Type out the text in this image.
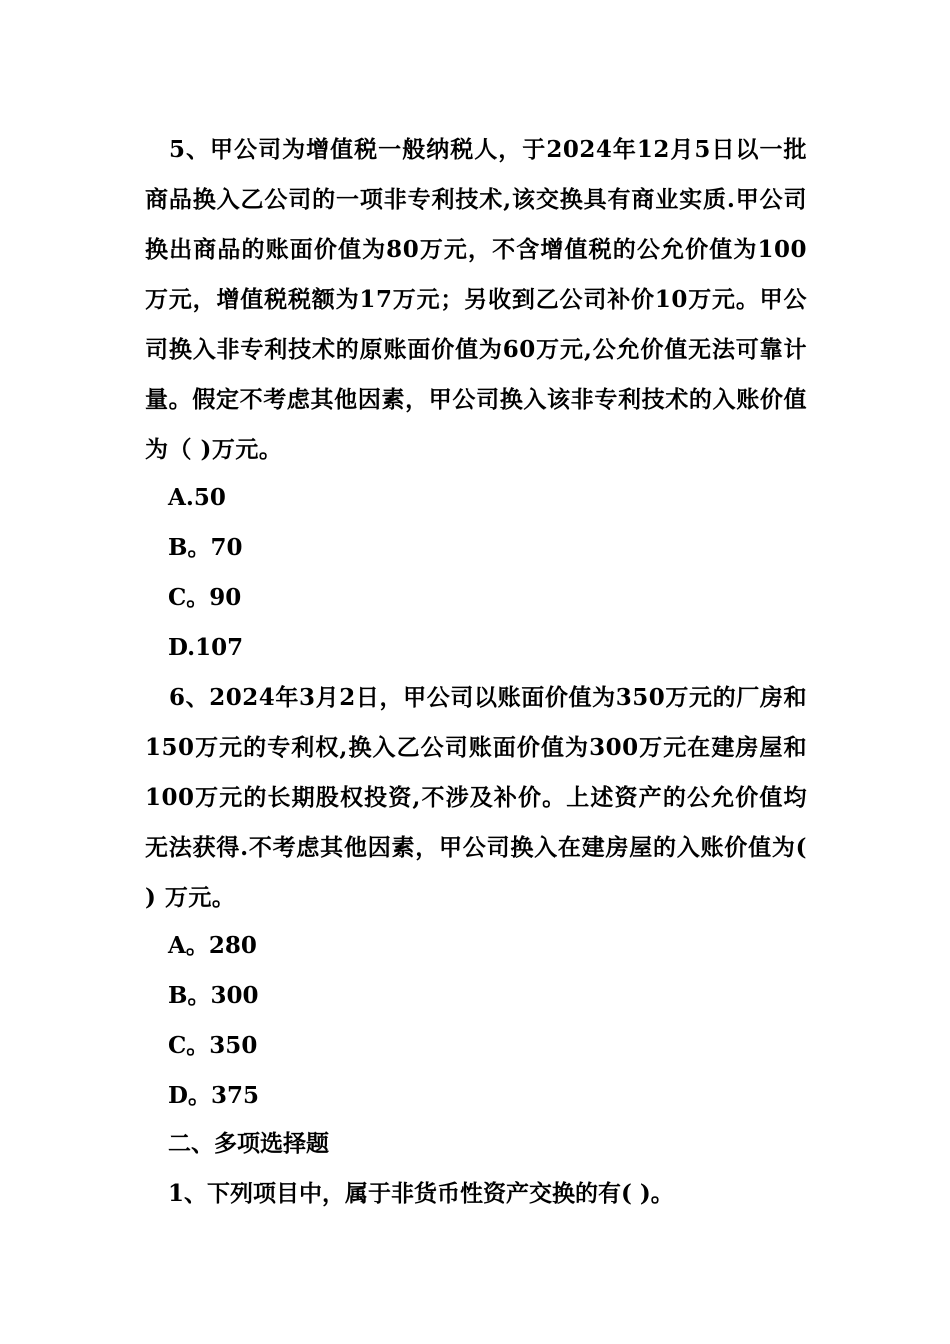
5、甲公司为增值税一般纳税人，于2024年12月5日以一批商品换入乙公司的一项非专利技术,该交换具有商业实质.甲公司换出商品的账面价值为80万元，不含增值税的公允价值为100万元，增值税税额为17万元；另收到乙公司补价10万元。甲公司换入非专利技术的原账面价值为60万元,公允价值无法可靠计量。假定不考虑其他因素，甲公司换入该非专利技术的入账价值为（ )万元。

A.50

B。70

C。90

D.107

6、2024年3月2日，甲公司以账面价值为350万元的厂房和150万元的专利权,换入乙公司账面价值为300万元在建房屋和100万元的长期股权投资,不涉及补价。上述资产的公允价值均无法获得.不考虑其他因素，甲公司换入在建房屋的入账价值为( ) 万元。

A。280

B。300

C。350

D。375

二、多项选择题

1、下列项目中，属于非货币性资产交换的有( )。
